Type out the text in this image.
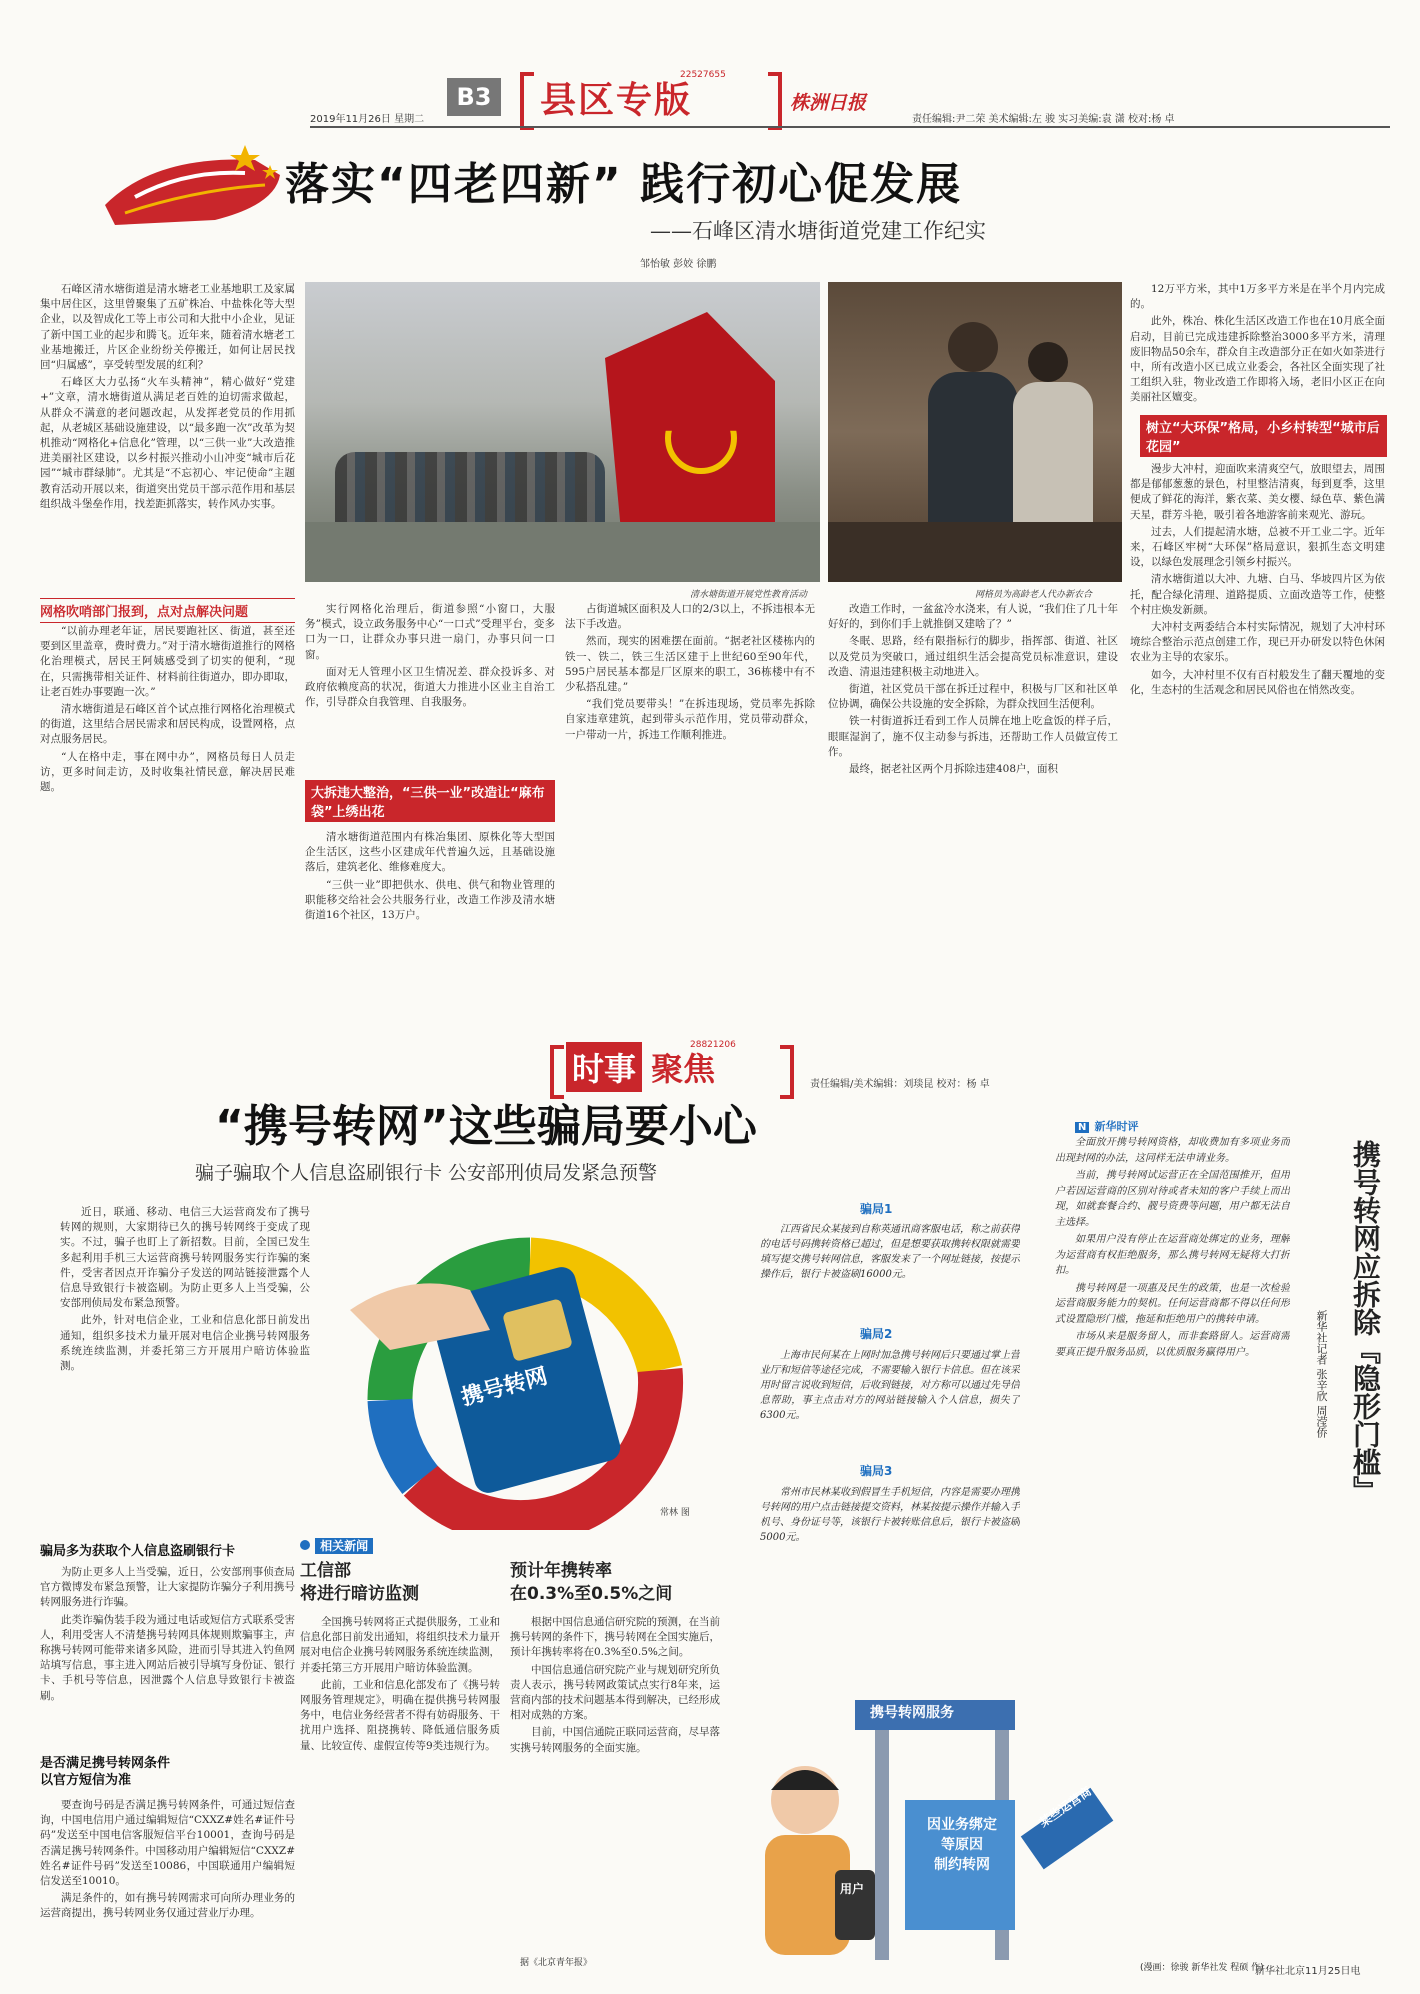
B3 县区专版
22527655
株洲日报
2019年11月26日 星期二	责任编辑:尹二荣 美术编辑:左 骏 实习美编:袁 潇 校对:杨 卓
落实“四老四新” 践行初心促发展
——石峰区清水塘街道党建工作纪实
邹怡敏 彭姣 徐鹏
清水塘街道开展党性教育活动	网格员为高龄老人代办新农合

石峰区清水塘街道是清水塘老工业基地职工及家属集中居住区，这里曾聚集了五矿株冶、中盐株化等大型企业，以及智成化工等上市公司和大批中小企业，见证了新中国工业的起步和腾飞。近年来，随着清水塘老工业基地搬迁，片区企业纷纷关停搬迁，如何让居民找回“归属感”，享受转型发展的红利？

石峰区大力弘扬“火车头精神”，精心做好“党建+”文章，清水塘街道从满足老百姓的迫切需求做起，从群众不满意的老问题改起，从发挥老党员的作用抓起，从老城区基础设施建设，以“最多跑一次”改革为契机推动“网格化+信息化”管理，以“三供一业”大改造推进美丽社区建设，以乡村振兴推动小山冲变“城市后花园”“城市群绿肺”。尤其是“不忘初心、牢记使命”主题教育活动开展以来，街道突出党员干部示范作用和基层组织战斗堡垒作用，找差距抓落实，转作风办实事。

网格吹哨部门报到，点对点解决问题

“以前办理老年证，居民要跑社区、街道，甚至还要到区里盖章，费时费力。”对于清水塘街道推行的网格化治理模式，居民王阿姨感受到了切实的便利，“现在，只需携带相关证件、材料前往街道办，即办即取，让老百姓办事要跑一次。”

清水塘街道是石峰区首个试点推行网格化治理模式的街道，这里结合居民需求和居民构成，设置网格，点对点服务居民。

“人在格中走，事在网中办”，网格员每日人员走访，更多时间走访，及时收集社情民意，解决居民难题。

实行网格化治理后，街道参照“小窗口，大服务”模式，设立政务服务中心“一口式”受理平台，变多口为一口，让群众办事只进一扇门，办事只问一口窗。

面对无人管理小区卫生情况差、群众投诉多、对政府依赖度高的状况，街道大力推进小区业主自治工作，引导群众自我管理、自我服务。

大拆违大整治，“三供一业”改造让“麻布袋”上绣出花

清水塘街道范围内有株冶集团、原株化等大型国企生活区，这些小区建成年代普遍久远，且基础设施落后，建筑老化、维修难度大。

“三供一业”即把供水、供电、供气和物业管理的职能移交给社会公共服务行业，改造工作涉及清水塘街道16个社区，13万户。

占街道城区面积及人口的2/3以上，不拆违根本无法下手改造。

然而，现实的困难摆在面前。“据老社区楼栋内的铁一、铁二，铁三生活区建于上世纪60至90年代，595户居民基本都是厂区原来的职工，36栋楼中有不少私搭乱建。”

“我们党员要带头！”在拆违现场，党员率先拆除自家违章建筑，起到带头示范作用，党员带动群众，一户带动一片，拆违工作顺利推进。

改造工作时，一盆盆冷水浇来，有人说，“我们住了几十年好好的，到你们手上就推倒又建啥了？”

冬眠、思路，经有限指标行的脚步，指挥部、街道、社区以及党员为突破口，通过组织生活会提高党员标准意识，建设改造、清退违建积极主动地进入。

街道，社区党员干部在拆迁过程中，积极与厂区和社区单位协调，确保公共设施的安全拆除，为群众找回生活便利。

铁一村街道拆迁看到工作人员牌在地上吃盒饭的样子后，眼眶湿润了，施不仅主动参与拆违，还帮助工作人员做宣传工作。

最终，据老社区两个月拆除违建408户，面积

12万平方米，其中1万多平方米是在半个月内完成的。

此外，株冶、株化生活区改造工作也在10月底全面启动，目前已完成违建拆除整治3000多平方米，清理废旧物品50余车，群众自主改造部分正在如火如荼进行中，所有改造小区已成立业委会，各社区全面实现了社工组织入驻，物业改造工作即将入场，老旧小区正在向美丽社区嬗变。

树立“大环保”格局，小乡村转型“城市后花园”

漫步大冲村，迎面吹来清爽空气，放眼望去，周围都是郁郁葱葱的景色，村里整洁清爽，每到夏季，这里便成了鲜花的海洋，紫衣菜、美女樱、绿色草、紫色满天星，群芳斗艳，吸引着各地游客前来观光、游玩。

过去，人们提起清水塘，总被不开工业二字。近年来，石峰区牢树“大环保”格局意识，狠抓生态文明建设，以绿色发展理念引领乡村振兴。

清水塘街道以大冲、九塘、白马、华坡四片区为依托，配合绿化清理、道路提质、立面改造等工作，使整个村庄焕发新颜。

大冲村支两委结合本村实际情况，规划了大冲村环境综合整治示范点创建工作，现已开办研发以特色休闲农业为主导的农家乐。

如今，大冲村里不仅有百村般发生了翻天覆地的变化，生态村的生活观念和居民风俗也在悄然改变。

时事 聚焦
28821206
责任编辑/美术编辑：刘琰昆 校对：杨 卓
“携号转网”这些骗局要小心
骗子骗取个人信息盗刷银行卡 公安部刑侦局发紧急预警

近日，联通、移动、电信三大运营商发布了携号转网的规则，大家期待已久的携号转网终于变成了现实。不过，骗子也盯上了新招数。目前，全国已发生多起利用手机三大运营商携号转网服务实行诈骗的案件，受害者因点开诈骗分子发送的网站链接泄露个人信息导致银行卡被盗刷。为防止更多人上当受骗，公安部刑侦局发布紧急预警。

此外，针对电信企业，工业和信息化部日前发出通知，组织多技术力量开展对电信企业携号转网服务系统连续监测，并委托第三方开展用户暗访体验监测。

骗局多为获取个人信息盗刷银行卡

为防止更多人上当受骗，近日，公安部刑事侦查局官方微博发布紧急预警，让大家提防诈骗分子利用携号转网服务进行诈骗。

此类诈骗伪装手段为通过电话或短信方式联系受害人，利用受害人不清楚携号转网具体规则欺骗事主，声称携号转网可能带来诸多风险，进而引导其进入钓鱼网站填写信息，事主进入网站后被引导填写身份证、银行卡、手机号等信息，因泄露个人信息导致银行卡被盗刷。

是否满足携号转网条件
以官方短信为准

要查询号码是否满足携号转网条件，可通过短信查询，中国电信用户通过编辑短信“CXXZ#姓名#证件号码”发送至中国电信客服短信平台10001，查询号码是否满足携号转网条件。中国移动用户编辑短信“CXXZ#姓名#证件号码”发送至10086，中国联通用户编辑短信发送至10010。

满足条件的，如有携号转网需求可向所办理业务的运营商提出，携号转网业务仅通过营业厅办理。

携号转网
常林 图
骗局1
江西省民众某接到自称英通讯商客服电话，称之前获得的电话号码携转资格已超过，但是想要获取携转权限就需要填写提交携号转网信息，客服发来了一个网址链接，按提示操作后，银行卡被盗刷16000元。
骗局2
上海市民何某在上网时加急携号转网后只要通过掌上营业厅和短信等途径完成，不需要输入银行卡信息。但在该采用时留言说收到短信，后收到链接，对方称可以通过先导信息帮助，事主点击对方的网站链接输入个人信息，损失了6300元。
骗局3
常州市民林某收到假冒生手机短信，内容是需要办理携号转网的用户点击链接提交资料，林某按提示操作并输入手机号、身份证号等，该银行卡被转账信息后，银行卡被盗刷5000元。
相关新闻
工信部
将进行暗访监测

全国携号转网将正式提供服务，工业和信息化部日前发出通知，将组织技术力量开展对电信企业携号转网服务系统连续监测，并委托第三方开展用户暗访体验监测。

此前，工业和信息化部发布了《携号转网服务管理规定》，明确在提供携号转网服务中，电信业务经营者不得有妨碍服务、干扰用户选择、阻挠携转、降低通信服务质量、比较宣传、虚假宣传等9类违规行为。

预计年携转率
在0.3%至0.5%之间

根据中国信息通信研究院的预测，在当前携号转网的条件下，携号转网在全国实施后，预计年携转率将在0.3%至0.5%之间。

中国信息通信研究院产业与规划研究所负责人表示，携号转网政策试点实行8年来，运营商内部的技术问题基本得到解决，已经形成相对成熟的方案。

目前，中国信通院正联同运营商，尽早落实携号转网服务的全面实施。

据《北京青年报》
携号转网服务
因业务绑定
等原因
制约转网
用户
某些运营商
(漫画：徐骏 新华社发 程硕 作)
N 新华时评

全面放开携号转网资格，却收费加有多项业务而出现封网的办法，这同样无法申请业务。

当前，携号转网试运营正在全国范围推开，但用户若因运营商的区别对待或者未知的客户手续上而出现，如就套餐合约、靓号资费等问题，用户都无法自主选择。

如果用户没有停止在运营商处绑定的业务，理解为运营商有权拒绝服务，那么携号转网无疑将大打折扣。

携号转网是一项惠及民生的政策，也是一次检验运营商服务能力的契机。任何运营商都不得以任何形式设置隐形门槛，拖延和拒绝用户的携转申请。

市场从来是服务留人，而非套路留人。运营商需要真正提升服务品质，以优质服务赢得用户。

新华社北京11月25日电
携号转网应拆除『隐形门槛』
新华社记者 张辛欣 周滢侨
